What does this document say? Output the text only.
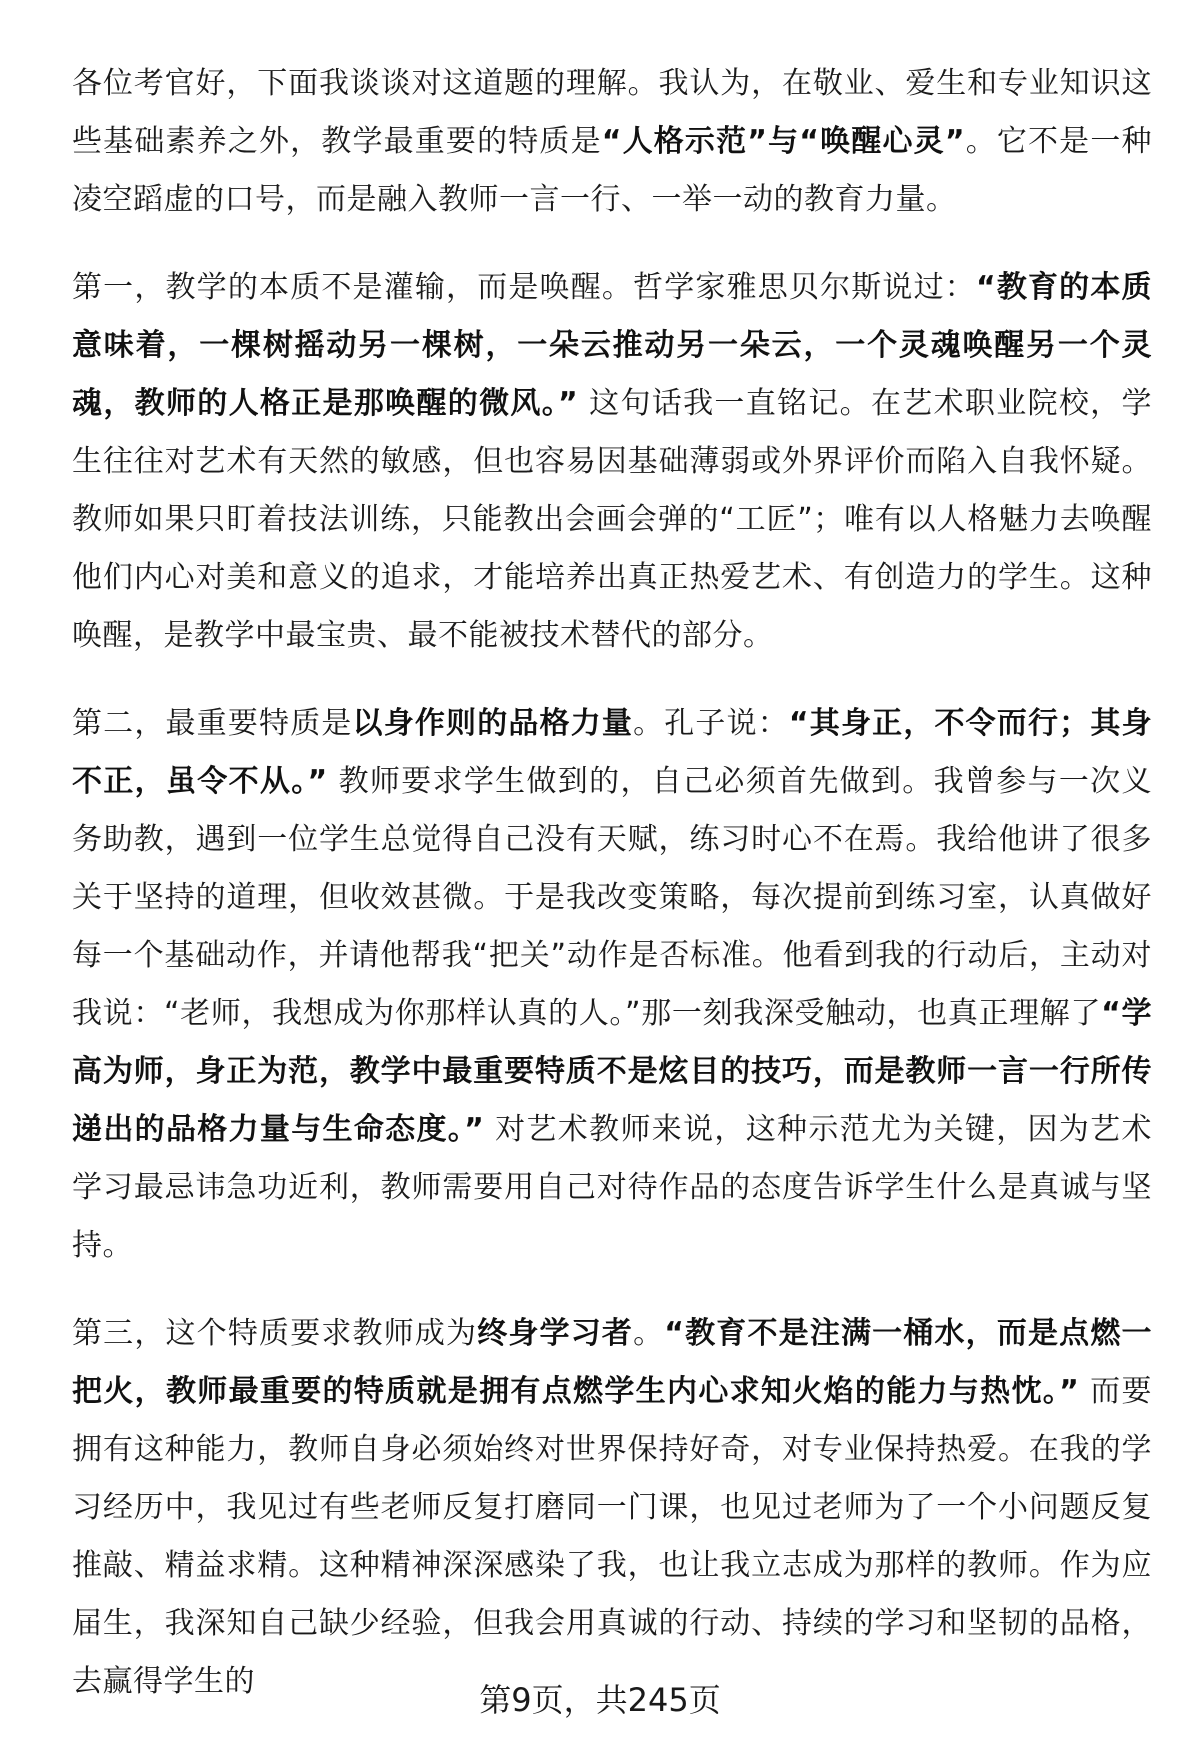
各位考官好，下面我谈谈对这道题的理解。我认为，在敬业、爱生和专业知识这些基础素养之外，教学最重要的特质是“人格示范”与“唤醒心灵”。它不是一种凌空蹈虚的口号，而是融入教师一言一行、一举一动的教育力量。

第一，教学的本质不是灌输，而是唤醒。哲学家雅思贝尔斯说过：“教育的本质意味着，一棵树摇动另一棵树，一朵云推动另一朵云，一个灵魂唤醒另一个灵魂，教师的人格正是那唤醒的微风。” 这句话我一直铭记。在艺术职业院校，学生往往对艺术有天然的敏感，但也容易因基础薄弱或外界评价而陷入自我怀疑。教师如果只盯着技法训练，只能教出会画会弹的“工匠”；唯有以人格魅力去唤醒他们内心对美和意义的追求，才能培养出真正热爱艺术、有创造力的学生。这种唤醒，是教学中最宝贵、最不能被技术替代的部分。

第二，最重要特质是以身作则的品格力量。孔子说：“其身正，不令而行；其身不正，虽令不从。” 教师要求学生做到的，自己必须首先做到。我曾参与一次义务助教，遇到一位学生总觉得自己没有天赋，练习时心不在焉。我给他讲了很多关于坚持的道理，但收效甚微。于是我改变策略，每次提前到练习室，认真做好每一个基础动作，并请他帮我“把关”动作是否标准。他看到我的行动后，主动对我说：“老师，我想成为你那样认真的人。”那一刻我深受触动，也真正理解了“学高为师，身正为范，教学中最重要特质不是炫目的技巧，而是教师一言一行所传递出的品格力量与生命态度。” 对艺术教师来说，这种示范尤为关键，因为艺术学习最忌讳急功近利，教师需要用自己对待作品的态度告诉学生什么是真诚与坚持。

第三，这个特质要求教师成为终身学习者。“教育不是注满一桶水，而是点燃一把火，教师最重要的特质就是拥有点燃学生内心求知火焰的能力与热忱。” 而要拥有这种能力，教师自身必须始终对世界保持好奇，对专业保持热爱。在我的学习经历中，我见过有些老师反复打磨同一门课，也见过老师为了一个小问题反复推敲、精益求精。这种精神深深感染了我，也让我立志成为那样的教师。作为应届生，我深知自己缺少经验，但我会用真诚的行动、持续的学习和坚韧的品格，去赢得学生的	第9页，共245页
